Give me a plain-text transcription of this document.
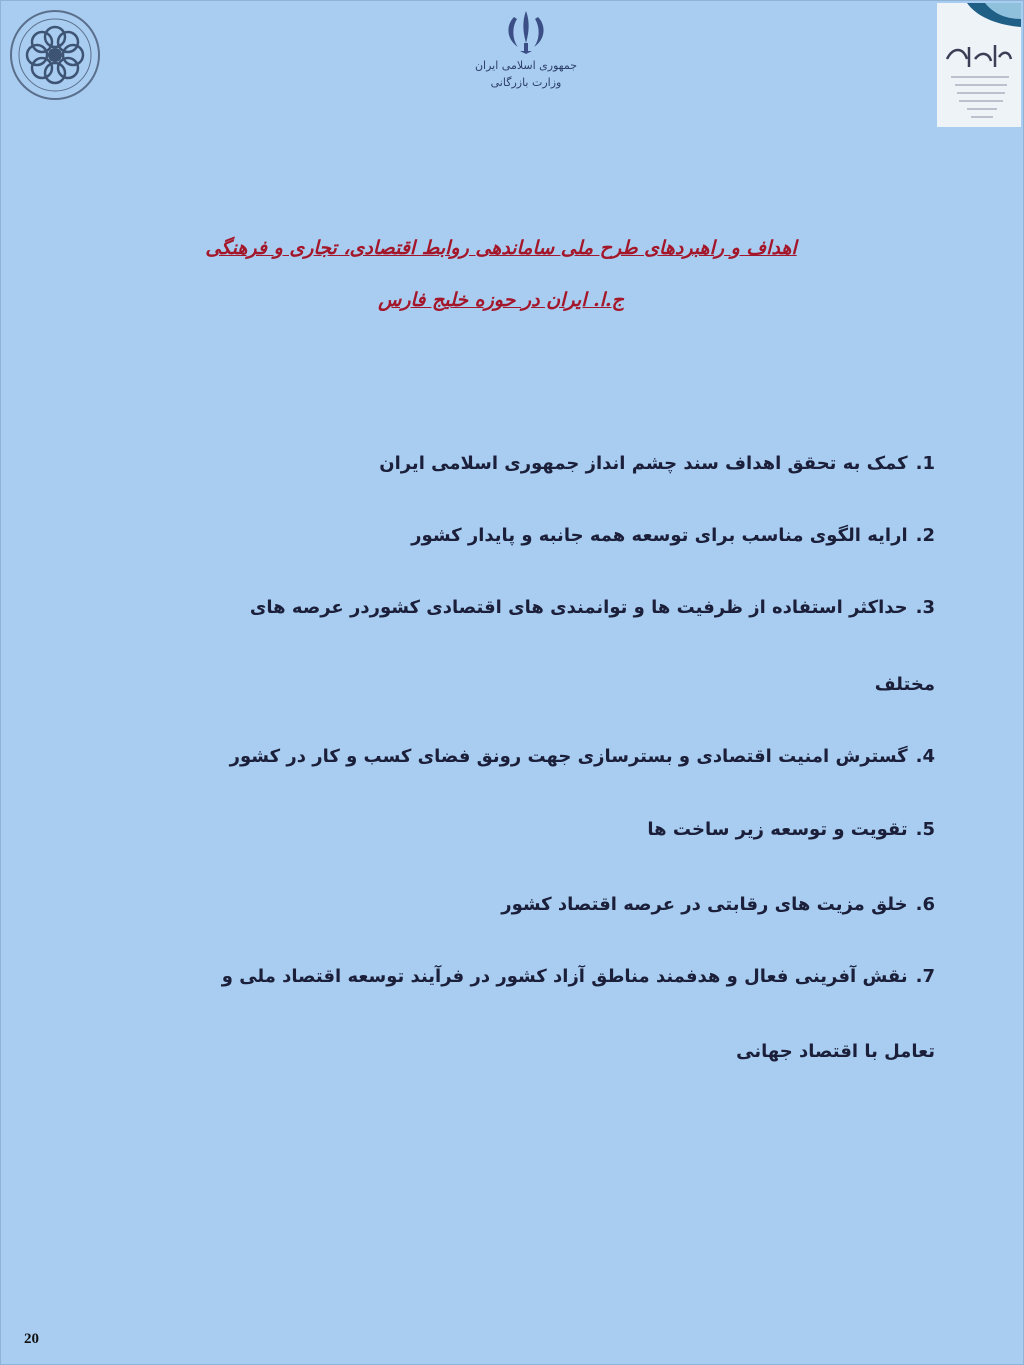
جمهوری اسلامی ایران
وزارت بازرگانی
اهداف و راهبردهای طرح ملی ساماندهی روابط اقتصادی، تجاری و فرهنگی
ج.ا. ایران در حوزه خلیج فارس
1.کمک به تحقق اهداف سند چشم انداز جمهوری اسلامی ایران
2.ارایه الگوی مناسب برای توسعه همه جانبه و پایدار کشور
3.حداکثر استفاده از ظرفیت ها و توانمندی های اقتصادی کشوردر عرصه های
مختلف
4.گسترش امنیت اقتصادی و بسترسازی جهت رونق فضای کسب و کار در کشور
5.تقویت و توسعه زیر ساخت ها
6.خلق مزیت های رقابتی در عرصه اقتصاد کشور
7.نقش آفرینی فعال و هدفمند مناطق آزاد کشور در فرآیند توسعه اقتصاد ملی و
تعامل با اقتصاد جهانی
20
